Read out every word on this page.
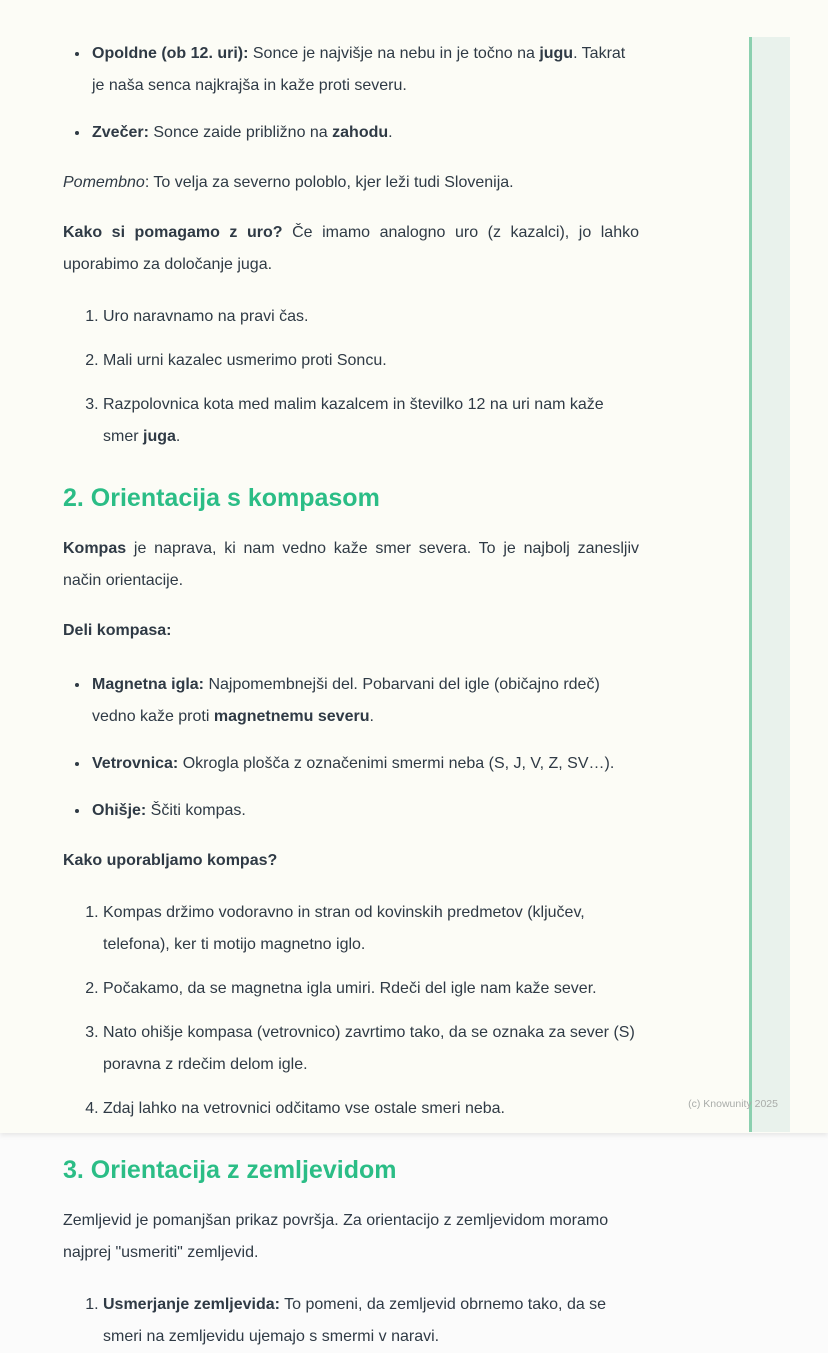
• Opoldne (ob 12. uri): Sonce je najvišje na nebu in je točno na jugu. Takrat je naša senca najkrajša in kaže proti severu.
• Zvečer: Sonce zaide približno na zahodu.

Pomembno: To velja za severno poloblo, kjer leži tudi Slovenija.

Kako si pomagamo z uro? Če imamo analogno uro (z kazalci), jo lahko uporabimo za določanje juga.

1. Uro naravnamo na pravi čas.
2. Mali urni kazalec usmerimo proti Soncu.
3. Razpolovnica kota med malim kazalcem in številko 12 na uri nam kaže smer juga.
2. Orientacija s kompasom

Kompas je naprava, ki nam vedno kaže smer severa. To je najbolj zanesljiv način orientacije.

Deli kompasa:

• Magnetna igla: Najpomembnejši del. Pobarvani del igle (običajno rdeč) vedno kaže proti magnetnemu severu.
• Vetrovnica: Okrogla plošča z označenimi smermi neba (S, J, V, Z, SV…).
• Ohišje: Ščiti kompas.

Kako uporabljamo kompas?

1. Kompas držimo vodoravno in stran od kovinskih predmetov (ključev, telefona), ker ti motijo magnetno iglo.
2. Počakamo, da se magnetna igla umiri. Rdeči del igle nam kaže sever.
3. Nato ohišje kompasa (vetrovnico) zavrtimo tako, da se oznaka za sever (S) poravna z rdečim delom igle.
4. Zdaj lahko na vetrovnici odčitamo vse ostale smeri neba.
3. Orientacija z zemljevidom

Zemljevid je pomanjšan prikaz površja. Za orientacijo z zemljevidom moramo najprej "usmeriti" zemljevid.

1. Usmerjanje zemljevida: To pomeni, da zemljevid obrnemo tako, da se smeri na zemljevidu ujemajo s smermi v naravi.
(c) Knowunity 2025
